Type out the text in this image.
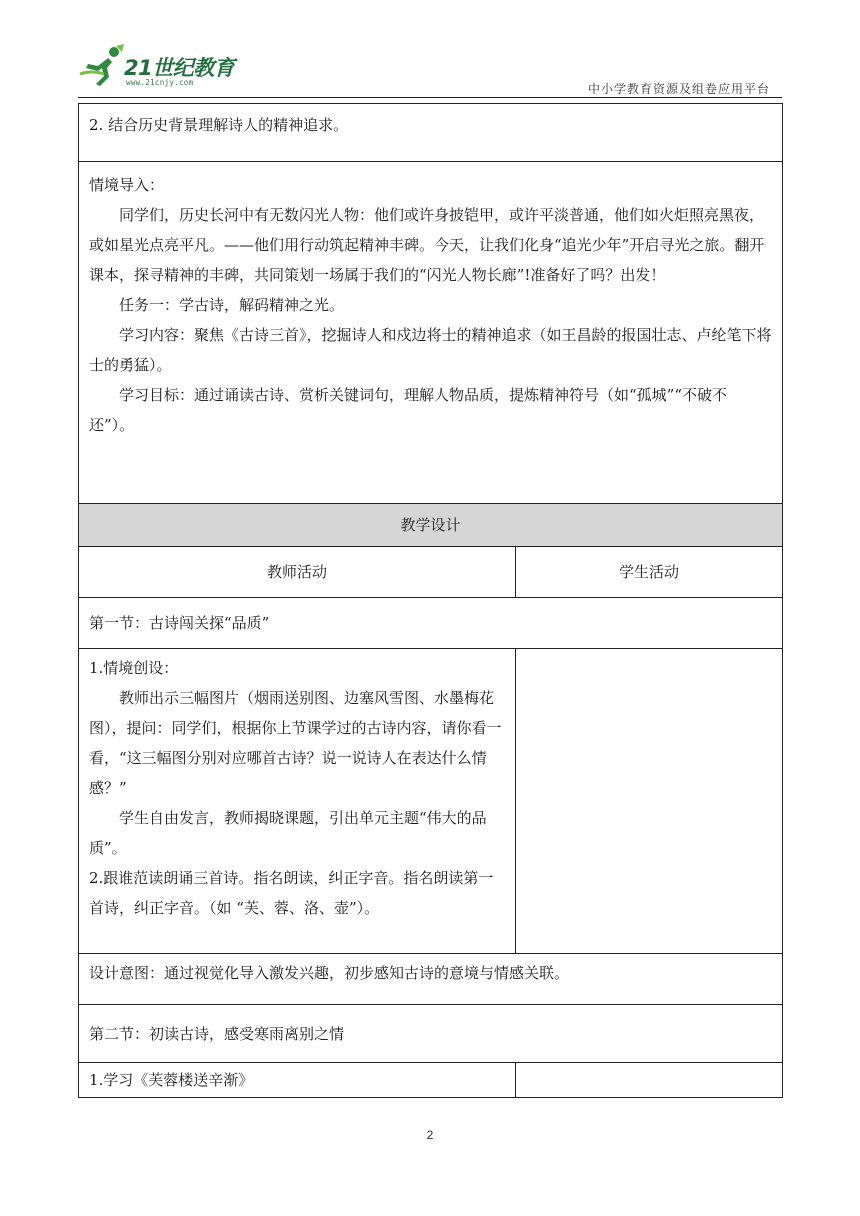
21世纪教育
www.21cnjy.com	中小学教育资源及组卷应用平台

2. 结合历史背景理解诗人的精神追求。	

情境导入：

同学们，历史长河中有无数闪光人物：他们或许身披铠甲，或许平淡普通，他们如火炬照亮黑夜，或如星光点亮平凡。——他们用行动筑起精神丰碑。今天，让我们化身“追光少年”开启寻光之旅。翻开课本，探寻精神的丰碑，共同策划一场属于我们的“闪光人物长廊”!准备好了吗？出发！

任务一：学古诗，解码精神之光。

学习内容：聚焦《古诗三首》，挖掘诗人和戍边将士的精神追求（如王昌龄的报国壮志、卢纶笔下将士的勇猛）。

学习目标：通过诵读古诗、赏析关键词句，理解人物品质，提炼精神符号（如“孤城”“不破不还”）。	

教学设计	
教师活动	学生活动
第一节：古诗闯关探“品质”	

1.情境创设：

教师出示三幅图片（烟雨送别图、边塞风雪图、水墨梅花图），提问：同学们，根据你上节课学过的古诗内容，请你看一看，“这三幅图分别对应哪首古诗？说一说诗人在表达什么情感？”

学生自由发言，教师揭晓课题，引出单元主题“伟大的品质”。

2.跟谁范读朗诵三首诗。指名朗读，纠正字音。指名朗读第一首诗，纠正字音。（如 “芙、蓉、洛、壶”）。	

设计意图：通过视觉化导入激发兴趣，初步感知古诗的意境与情感关联。	
第二节：初读古诗，感受寒雨离别之情	
1.学习《芙蓉楼送辛渐》	
2
